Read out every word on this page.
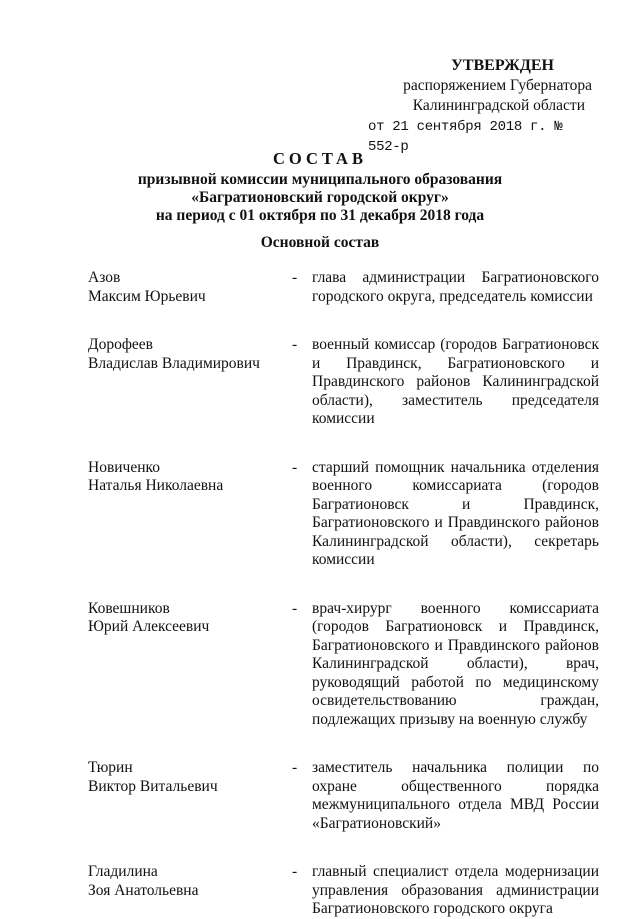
УТВЕРЖДЕН
распоряжением Губернатора
Калининградской области
от 21 сентября 2018 г. № 552-р
СОСТАВ
призывной комиссии муниципального образования
«Багратионовский городской округ»
на период с 01 октября по 31 декабря 2018 года
Основной состав
Азов
Максим Юрьевич
- глава администрации Багратионовского городского округа, председатель комиссии
Дорофеев
Владислав Владимирович
- военный комиссар (городов Багратионовск и Правдинск, Багратионовского и Правдинского районов Калининградской области), заместитель председателя комиссии
Новиченко
Наталья Николаевна
- старший помощник начальника отделения военного комиссариата (городов Багратионовск и Правдинск, Багратионовского и Правдинского районов Калининградской области), секретарь комиссии
Ковешников
Юрий Алексеевич
- врач-хирург военного комиссариата (городов Багратионовск и Правдинск, Багратионовского и Правдинского районов Калининградской области), врач, руководящий работой по медицинскому освидетельствованию граждан, подлежащих призыву на военную службу
Тюрин
Виктор Витальевич
- заместитель начальника полиции по охране общественного порядка межмуниципального отдела МВД России «Багратионовский»
Гладилина
Зоя Анатольевна
- главный специалист отдела модернизации управления образования администрации Багратионовского городского округа
